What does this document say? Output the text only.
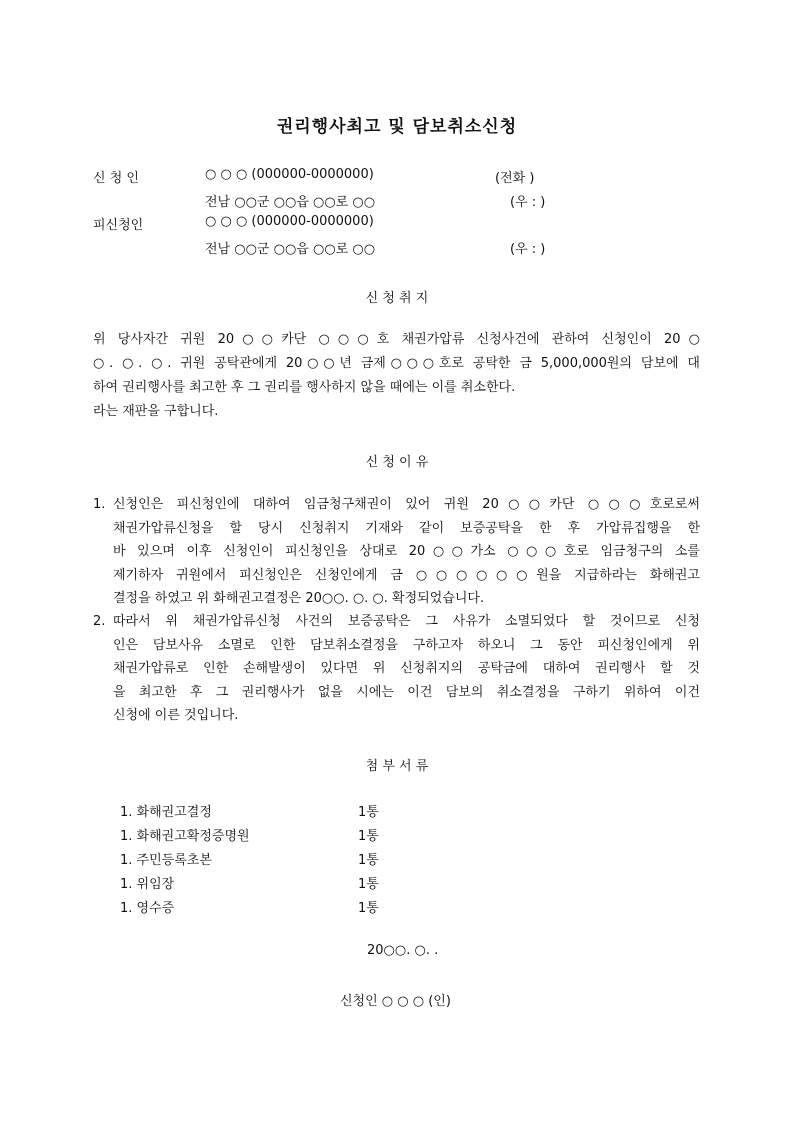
권리행사최고 및 담보취소신청
신 청 인	○ ○ ○ (000000-0000000)	(전화 )
전남 ○○군 ○○읍 ○○로 ○○	(우 : )
피신청인	○ ○ ○ (000000-0000000)
전남 ○○군 ○○읍 ○○로 ○○	(우 : )
신 청 취 지
위 당사자간 귀원 20○○카단 ○○○호 채권가압류 신청사건에 관하여 신청인이 20○
○. ○. ○. 귀원 공탁관에게 20○○년 금제○○○호로 공탁한 금 5,000,000원의 담보에 대
하여 권리행사를 최고한 후 그 권리를 행사하지 않을 때에는 이를 취소한다.
라는 재판을 구합니다.
신 청 이 유
1. 신청인은 피신청인에 대하여 임금청구채권이 있어 귀원 20○○카단 ○○○호로로써
채권가압류신청을 할 당시 신청취지 기재와 같이 보증공탁을 한 후 가압류집행을 한
바 있으며 이후 신청인이 피신청인을 상대로 20○○가소 ○○○호로 임금청구의 소를
제기하자 귀원에서 피신청인은 신청인에게 금 ○○○○○○원을 지급하라는 화해권고
결정을 하였고 위 화해권고결정은 20○○. ○. ○. 확정되었습니다.
2. 따라서 위 채권가압류신청 사건의 보증공탁은 그 사유가 소멸되었다 할 것이므로 신청
인은 담보사유 소멸로 인한 담보취소결정을 구하고자 하오니 그 동안 피신청인에게 위
채권가압류로 인한 손해발생이 있다면 위 신청취지의 공탁금에 대하여 권리행사 할 것
을 최고한 후 그 권리행사가 없을 시에는 이건 담보의 취소결정을 구하기 위하여 이건
신청에 이른 것입니다.
첨 부 서 류
1. 화해권고결정	1통
1. 화해권고확정증명원	1통
1. 주민등록초본	1통
1. 위임장	1통
1. 영수증	1통
20○○. ○. .
신청인 ○ ○ ○ (인)
